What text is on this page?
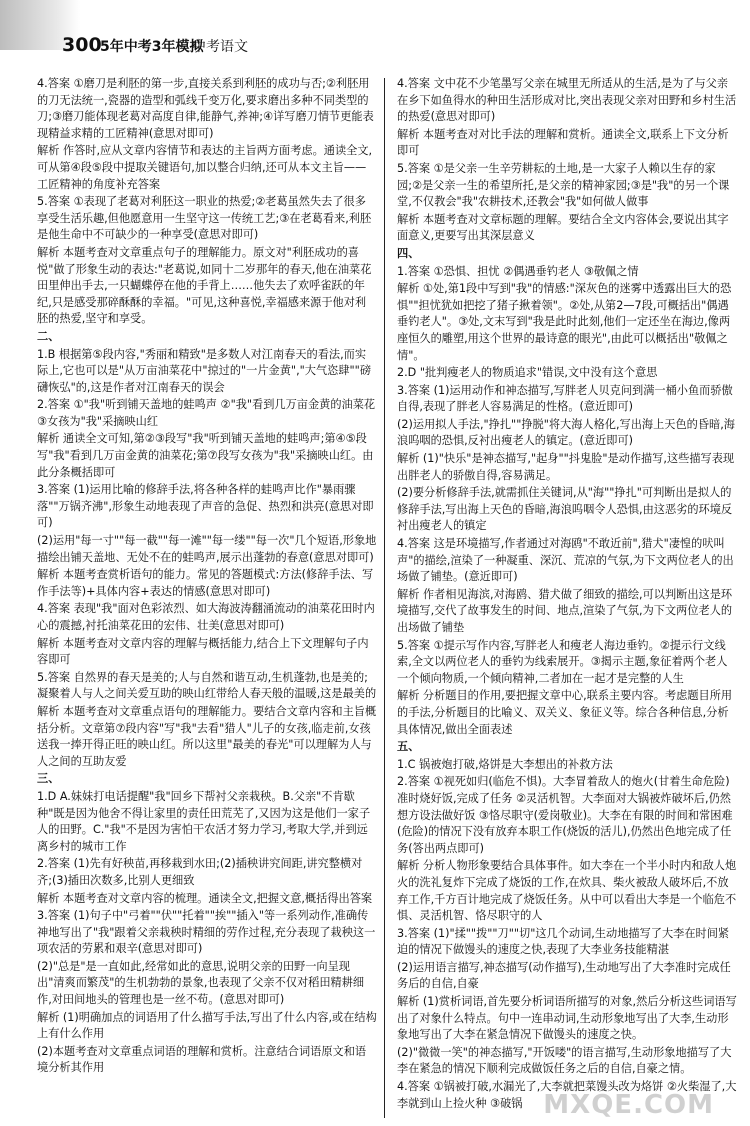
300
5年中考3年模拟
中考语文

4.答案 ①磨刀是利胚的第一步,直接关系到利胚的成功与否;②利胚用的刀无法统一,瓷器的造型和弧线千变万化,要求磨出多种不同类型的刀;③磨刀能体现老葛对高度自律,能静气,养神;④详写磨刀情节更能表现精益求精的工匠精神(意思对即可)

解析 作答时,应从文章内容情节和表达的主旨两方面考虑。通读全文,可从第④段⑤段中提取关键语句,加以整合归纳,还可从本文主旨——工匠精神的角度补充答案

5.答案 ①表现了老葛对利胚这一职业的热爱;②老葛虽然失去了很多享受生活乐趣,但他愿意用一生坚守这一传统工艺;③在老葛看来,利胚是他生命中不可缺少的一种享受(意思对即可)

解析 本题考查对文章重点句子的理解能力。原文对"利胚成功的喜悦"做了形象生动的表达:"老葛说,如同十二岁那年的春天,他在油菜花田里伸出手去,一只蝴蝶停在他的手背上……他失去了欢呼雀跃的年纪,只是感受那碎酥酥的幸福。"可见,这种喜悦,幸福感来源于他对利胚的热爱,坚守和享受。

二、

1.B 根据第⑤段内容,"秀丽和精致"是多数人对江南春天的看法,而实际上,它也可以是"从万亩油菜花中"掠过的"一片金黄","大气恣肆""磅礴恢弘"的,这是作者对江南春天的误会

2.答案 ①"我"听到铺天盖地的蛙鸣声 ②"我"看到几万亩金黄的油菜花 ③女孩为"我"采摘映山红

解析 通读全文可知,第②③段写"我"听到铺天盖地的蛙鸣声;第④⑤段写"我"看到几万亩金黄的油菜花;第⑦段写女孩为"我"采摘映山红。由此分条概括即可

3.答案 (1)运用比喻的修辞手法,将各种各样的蛙鸣声比作"暴雨骤落""万锅齐沸",形象生动地表现了声音的急促、热烈和洪亮(意思对即可)

(2)运用"每一寸""每一截""每一滩""每一缕""每一次"几个短语,形象地描绘出铺天盖地、无处不在的蛙鸣声,展示出蓬勃的春意(意思对即可)

解析 本题考查赏析语句的能力。常见的答题模式:方法(修辞手法、写作手法等)+具体内容+表达的情感(意思对即可)

4.答案 表现"我"面对色彩浓烈、如大海波涛翻涌流动的油菜花田时内心的震撼,衬托油菜花田的宏伟、壮美(意思对即可)

解析 本题考查对文章内容的理解与概括能力,结合上下文理解句子内容即可

5.答案 自然界的春天是美的;人与自然和谐互动,生机蓬勃,也是美的;凝聚着人与人之间关爱互助的映山红带给人春天般的温暖,这是最美的

解析 本题考查对文章重点语句的理解能力。要结合文章内容和主旨概括分析。文章第⑦段内容"写"我"去看"猎人"儿子的女孩,临走前,女孩送我一捧开得正旺的映山红。所以这里"最美的春光"可以理解为人与人之间的互助友爱

三、

1.D A.妹妹打电话提醒"我"回乡下帮衬父亲栽秧。B.父亲"不肯歇种"既是因为他舍不得让家里的责任田荒芜了,又因为这是他们一家子人的田野。C."我"不是因为害怕干农活才努力学习,考取大学,并到远离乡村的城市工作

2.答案 (1)先有好秧苗,再移栽到水田;(2)插秧讲究间距,讲究整横对齐;(3)插田次数多,比别人更细致

解析 本题考查对文章内容的梳理。通读全文,把握文意,概括得出答案

3.答案 (1)句子中"弓着""伏""托着""挨""插入"等一系列动作,准确传神地写出了"我"跟着父亲栽秧时精细的劳作过程,充分表现了栽秧这一项农活的劳累和艰辛(意思对即可)

(2)"总是"是一直如此,经常如此的意思,说明父亲的田野一向呈现出"清爽而繁茂"的生机勃勃的景象,也表现了父亲不仅对稻田精耕细作,对田间地头的管理也是一丝不苟。(意思对即可)

解析 (1)明确加点的词语用了什么描写手法,写出了什么内容,或在结构上有什么作用

(2)本题考查对文章重点词语的理解和赏析。注意结合词语原文和语境分析其作用

4.答案 文中花不少笔墨写父亲在城里无所适从的生活,是为了与父亲在乡下如鱼得水的种田生活形成对比,突出表现父亲对田野和乡村生活的热爱(意思对即可)

解析 本题考查对对比手法的理解和赏析。通读全文,联系上下文分析即可

5.答案 ①是父亲一生辛劳耕耘的土地,是一大家子人赖以生存的家园;②是父亲一生的希望所托,是父亲的精神家园;③是"我"的另一个课堂,不仅教会"我"农耕技术,还教会"我"如何做人做事

解析 本题考查对文章标题的理解。要结合全文内容体会,要说出其字面意义,更要写出其深层意义

四、

1.答案 ①恐惧、担忧 ②偶遇垂钓老人 ③敬佩之情

解析 ①处,第1段中写到"我"的情感:"深灰色的迷雾中透露出巨大的恐惧""担忧犹如把挖了猪子揪着领"。②处,从第2—7段,可概括出"偶遇垂钓老人"。③处,文末写到"我是此时此刻,他们一定还坐在海边,像两座恒久的雕塑,用这个世界的最诗意的眼光",由此可以概括出"敬佩之情"。

2.D "批判瘦老人的物质追求"错误,文中没有这个意思

3.答案 (1)运用动作和神态描写,写胖老人贝克问到满一桶小鱼而骄傲自得,表现了胖老人容易满足的性格。(意近即可)

(2)运用拟人手法,"挣扎""挣脱"将大海人格化,写出海上天色的昏暗,海浪呜咽的恐惧,反衬出瘦老人的镇定。(意近即可)

解析 (1)"快乐"是神态描写,"起身""抖鬼脸"是动作描写,这些描写表现出胖老人的骄傲自得,容易满足。

(2)要分析修辞手法,就需抓住关键词,从"海""挣扎"可判断出是拟人的修辞手法,写出海上天色的昏暗,海浪呜咽令人恐惧,由这恶劣的环境反衬出瘦老人的镇定

4.答案 这是环境描写,作者通过对海鸥"不敢近前",猎犬"凄惶的吠叫声"的描绘,渲染了一种凝重、深沉、荒凉的气氛,为下文两位老人的出场做了铺垫。(意近即可)

解析 作者相见海滨,对海鸥、猎犬做了细致的描绘,可以判断出这是环境描写,交代了故事发生的时间、地点,渲染了气氛,为下文两位老人的出场做了铺垫

5.答案 ①提示写作内容,写胖老人和瘦老人海边垂钓。②提示行文线索,全文以两位老人的垂钓为线索展开。③揭示主题,象征着两个老人一个倾向物质,一个倾向精神,二者加在一起才是完整的人生

解析 分析题目的作用,要把握文章中心,联系主要内容。考虑题目所用的手法,分析题目的比喻义、双关义、象征义等。综合各种信息,分析具体情况,做出全面表述

五、

1.C 锅被炮打破,烙饼是大李想出的补救方法

2.答案 ①视死如归(临危不惧)。大李冒着敌人的炮火(甘着生命危险)准时烧好饭,完成了任务 ②灵活机智。大李面对大锅被炸破坏后,仍然想方设法做好饭 ③恪尽职守(爱岗敬业)。大李在有限的时间和常困难(危险)的情况下没有放弃本职工作(烧饭的活儿),仍然出色地完成了任务(答出两点即可)

解析 分析人物形象要结合具体事件。如大李在一个半小时内和敌人炮火的洗礼复炸下完成了烧饭的工作,在炊具、柴火被敌人破坏后,不放弃工作,千方百计地完成了烧饭任务。从中可以看出大李是一个临危不惧、灵活机智、恪尽职守的人

3.答案 (1)"揉""拨""刀""切"这几个动词,生动地描写了大李在时间紧迫的情况下做馒头的速度之快,表现了大李业务技能精湛

(2)运用语言描写,神态描写(动作描写),生动地写出了大李准时完成任务后的自信,自豪

解析 (1)赏析词语,首先要分析词语所描写的对象,然后分析这些词语写出了对象什么特点。句中一连串动词,生动形象地写出了大李,生动形象地写出了大李在紧急情况下做馒头的速度之快。

(2)"微微一笑"的神态描写,"开饭喽"的语言描写,生动形象地描写了大李在紧急的情况下顺利完成做饭任务之后的自信,自豪之情。

4.答案 ①锅被打破,水漏光了,大李就把菜馒头改为烙饼 ②火柴湿了,大李就到山上捡火种 ③破锅 MXQE.COM
